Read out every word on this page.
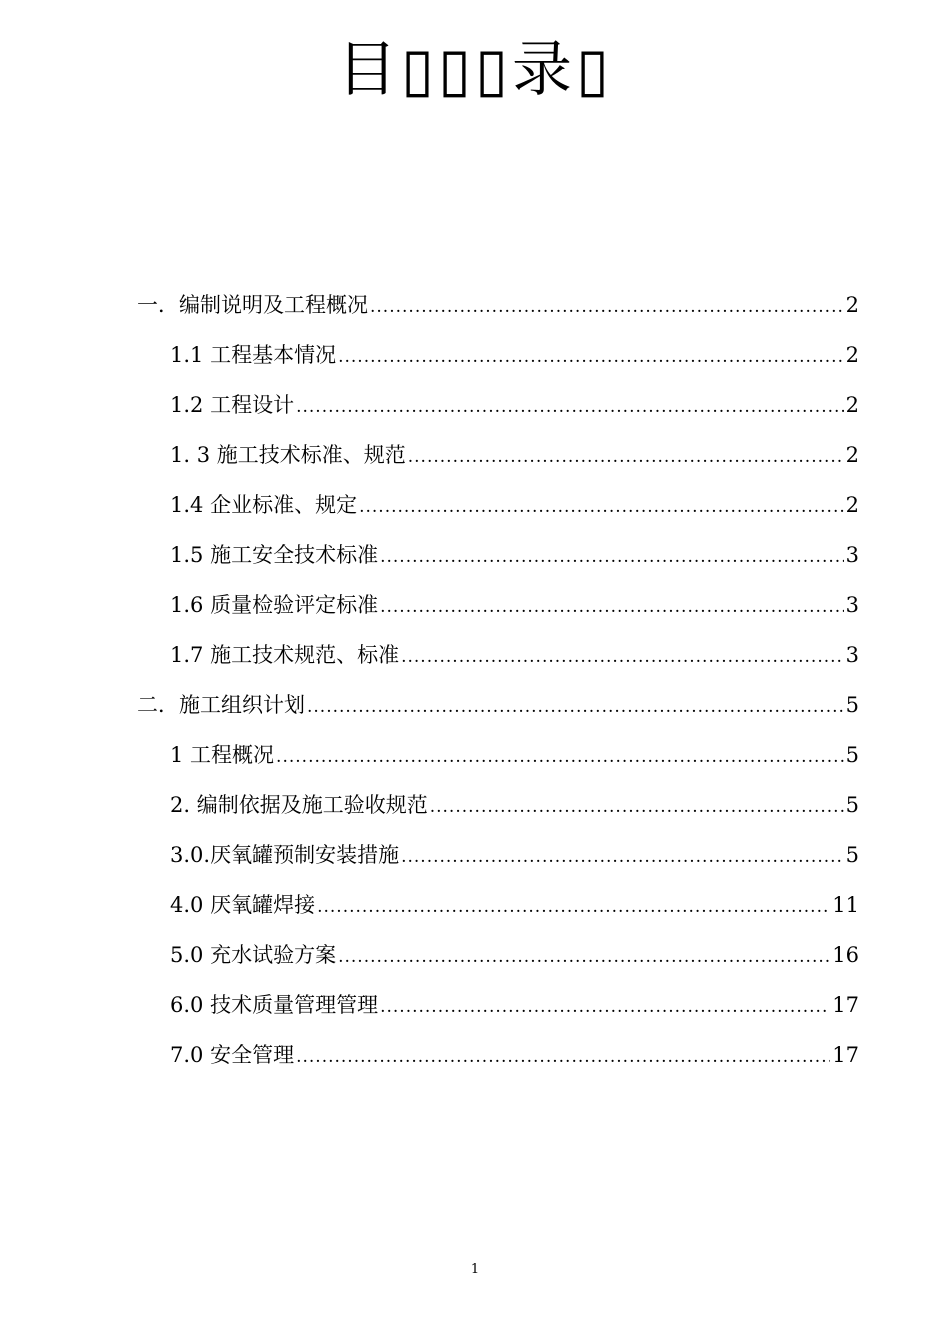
目▯▯▯录▯
一．编制说明及工程概况 .....	2
1.1 工程基本情况 .....	2
1.2 工程设计 .....	2
1. 3 施工技术标准、规范 .....	2
1.4 企业标准、规定 .....	2
1.5 施工安全技术标准 .....	3
1.6 质量检验评定标准 .....	3
1.7 施工技术规范、标准 .....	3
二．施工组织计划 .....	5
1 工程概况 .....	5
2. 编制依据及施工验收规范 .....	5
3.0.厌氧罐预制安装措施 .....	5
4.0 厌氧罐焊接 .....	11
5.0 充水试验方案 .....	16
6.0 技术质量管理管理 .....	17
7.0 安全管理 .....	17
1
